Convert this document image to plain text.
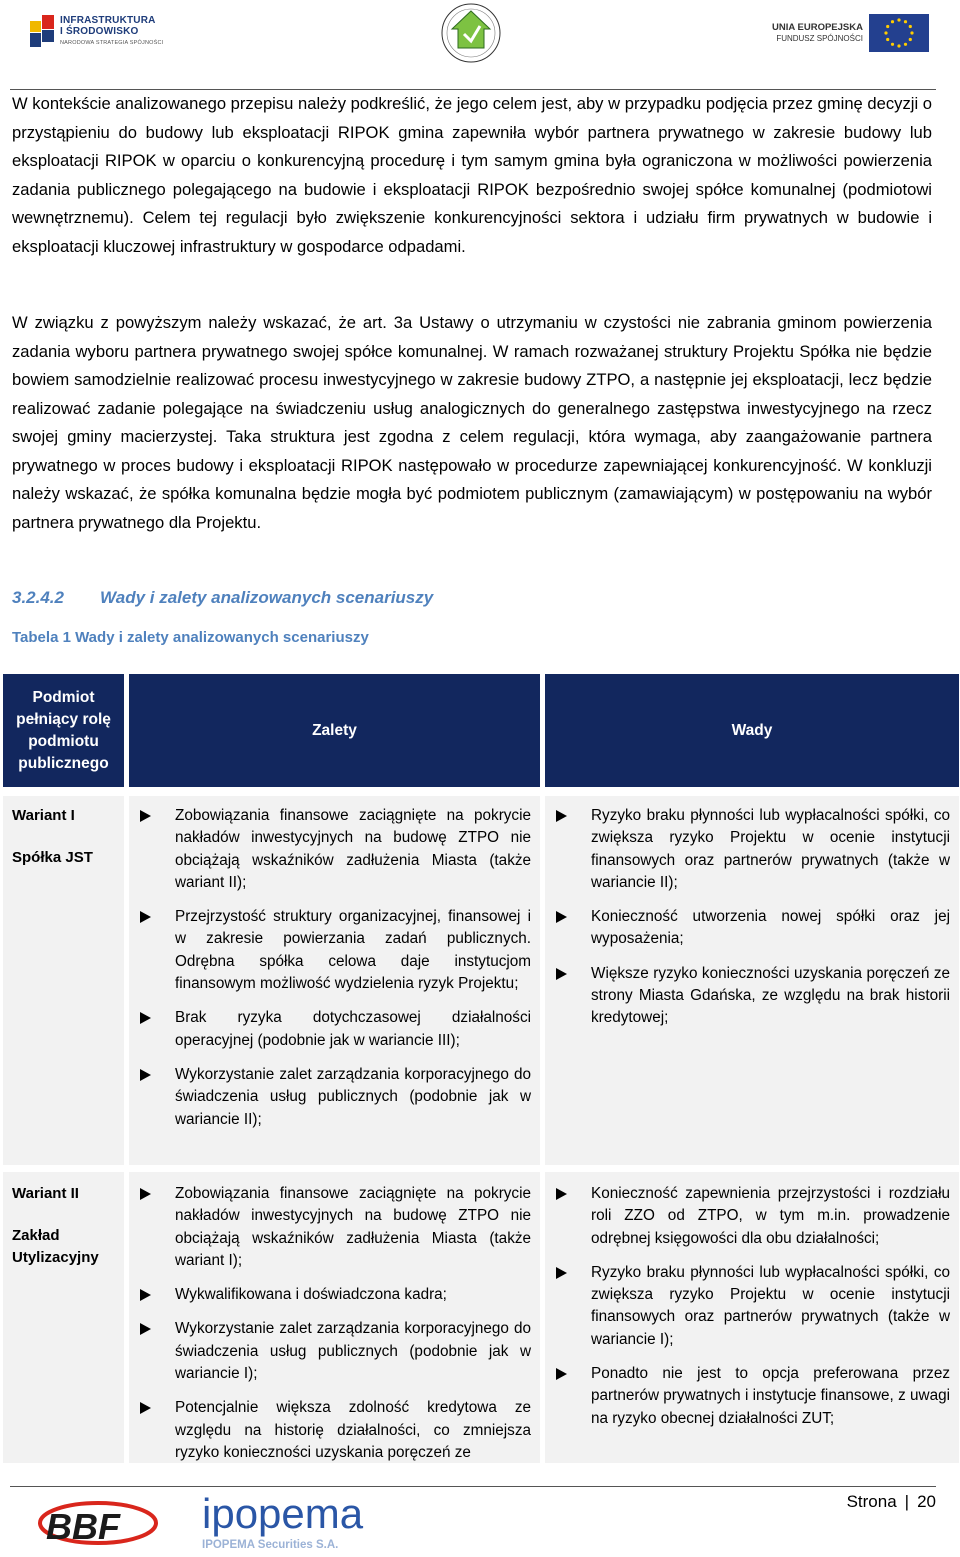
INFRASTRUKTURA
I ŚRODOWISKO
NARODOWA STRATEGIA SPÓJNOŚCI
UNIA EUROPEJSKA
FUNDUSZ SPÓJNOŚCI

W kontekście analizowanego przepisu należy podkreślić, że jego celem jest, aby w przypadku podjęcia przez gminę decyzji o przystąpieniu do budowy lub eksploatacji RIPOK gmina zapewniła wybór partnera prywatnego w zakresie budowy lub eksploatacji RIPOK w oparciu o konkurencyjną procedurę i tym samym gmina była ograniczona w możliwości powierzenia zadania publicznego polegającego na budowie i eksploatacji RIPOK bezpośrednio swojej spółce komunalnej (podmiotowi wewnętrznemu). Celem tej regulacji było zwiększenie konkurencyjności sektora i udziału firm prywatnych w budowie i eksploatacji kluczowej infrastruktury w gospodarce odpadami.

W związku z powyższym należy wskazać, że art. 3a Ustawy o utrzymaniu w czystości nie zabrania gminom powierzenia zadania wyboru partnera prywatnego swojej spółce komunalnej. W ramach rozważanej struktury Projektu Spółka nie będzie bowiem samodzielnie realizować procesu inwestycyjnego w zakresie budowy ZTPO, a następnie jej eksploatacji, lecz będzie realizować zadanie polegające na świadczeniu usług analogicznych do generalnego zastępstwa inwestycyjnego na rzecz swojej gminy macierzystej. Taka struktura jest zgodna z celem regulacji, która wymaga, aby zaangażowanie partnera prywatnego w proces budowy i eksploatacji RIPOK następowało w procedurze zapewniającej konkurencyjność. W konkluzji należy wskazać, że spółka komunalna będzie mogła być podmiotem publicznym (zamawiającym) w postępowaniu na wybór partnera prywatnego dla Projektu.

3.2.4.2	Wady i zalety analizowanych scenariuszy
Tabela 1 Wady i zalety analizowanych scenariuszy
Podmiot pełniący rolę podmiotu publicznego
Zalety	Wady
Wariant I
Spółka JST
Zobowiązania finansowe zaciągnięte na pokrycie nakładów inwestycyjnych na budowę ZTPO nie obciążają wskaźników zadłużenia Miasta (także wariant II);
Przejrzystość struktury organizacyjnej, finansowej i w zakresie powierzania zadań publicznych. Odrębna spółka celowa daje instytucjom finansowym możliwość wydzielenia ryzyk Projektu;
Brak ryzyka dotychczasowej działalności operacyjnej (podobnie jak w wariancie III);
Wykorzystanie zalet zarządzania korporacyjnego do świadczenia usług publicznych (podobnie jak w wariancie II);
Ryzyko braku płynności lub wypłacalności spółki, co zwiększa ryzyko Projektu w ocenie instytucji finansowych oraz partnerów prywatnych (także w wariancie II);
Konieczność utworzenia nowej spółki oraz jej wyposażenia;
Większe ryzyko konieczności uzyskania poręczeń ze strony Miasta Gdańska, ze względu na brak historii kredytowej;
Wariant II
Zakład Utylizacyjny
Zobowiązania finansowe zaciągnięte na pokrycie nakładów inwestycyjnych na budowę ZTPO nie obciążają wskaźników zadłużenia Miasta (także wariant I);
Wykwalifikowana i doświadczona kadra;
Wykorzystanie zalet zarządzania korporacyjnego do świadczenia usług publicznych (podobnie jak w wariancie I);
Potencjalnie większa zdolność kredytowa ze względu na historię działalności, co zmniejsza ryzyko konieczności uzyskania poręczeń ze
Konieczność zapewnienia przejrzystości i rozdziału roli ZZO od ZTPO, w tym m.in. prowadzenie odrębnej księgowości dla obu działalności;
Ryzyko braku płynności lub wypłacalności spółki, co zwiększa ryzyko Projektu w ocenie instytucji finansowych oraz partnerów prywatnych (także w wariancie I);
Ponadto nie jest to opcja preferowana przez partnerów prywatnych i instytucje finansowe, z uwagi na ryzyko obecnej działalności ZUT;
BBF ipopema
IPOPEMA Securities S.A.
Strona | 20
